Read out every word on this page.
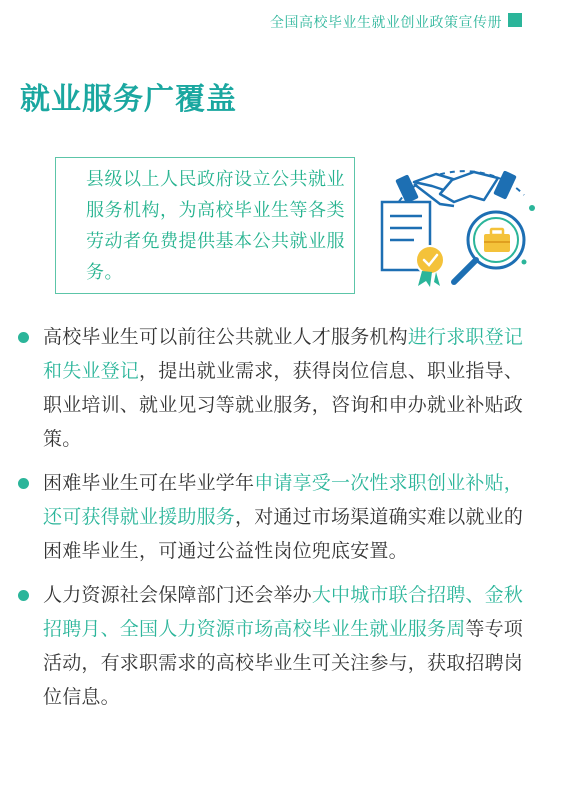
全国高校毕业生就业创业政策宣传册
就业服务广覆盖
县级以上人民政府设立公共就业服务机构，为高校毕业生等各类劳动者免费提供基本公共就业服务。
高校毕业生可以前往公共就业人才服务机构进行求职登记和失业登记，提出就业需求，获得岗位信息、职业指导、职业培训、就业见习等就业服务，咨询和申办就业补贴政策。
困难毕业生可在毕业学年申请享受一次性求职创业补贴，还可获得就业援助服务，对通过市场渠道确实难以就业的困难毕业生，可通过公益性岗位兜底安置。
人力资源社会保障部门还会举办大中城市联合招聘、金秋招聘月、全国人力资源市场高校毕业生就业服务周等专项活动，有求职需求的高校毕业生可关注参与，获取招聘岗位信息。
